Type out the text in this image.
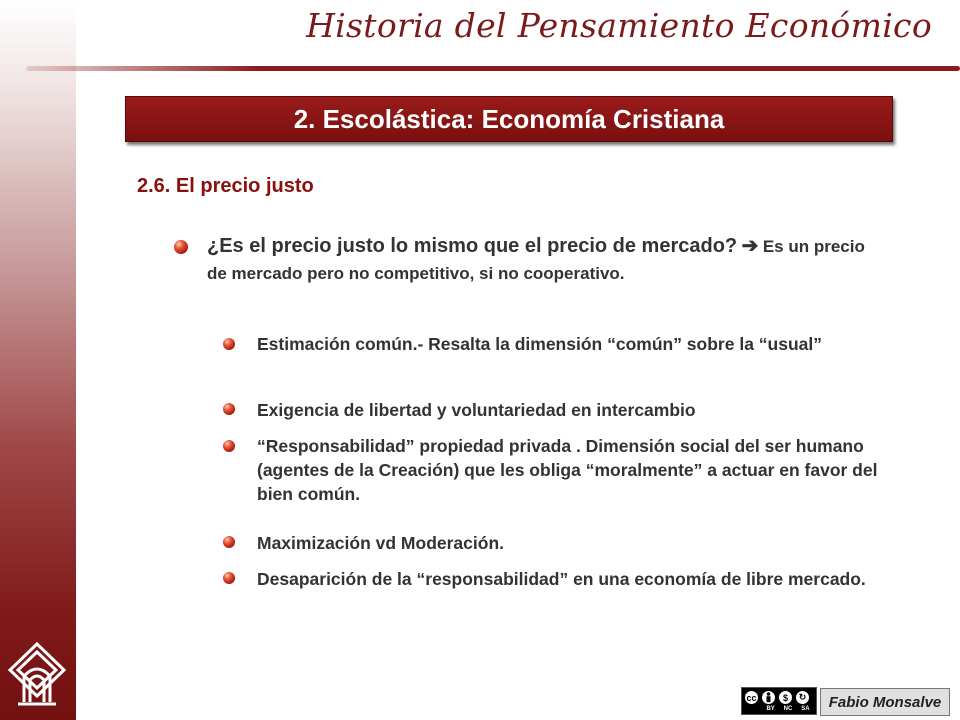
Historia del Pensamiento Económico
2. Escolástica: Economía Cristiana
2.6. El precio justo
¿Es el precio justo lo mismo que el precio de mercado? ➔ Es un precio de mercado pero no competitivo, si no cooperativo.
Estimación común.- Resalta la dimensión “común” sobre la “usual”
Exigencia de libertad y voluntariedad en intercambio
“Responsabilidad” propiedad privada . Dimensión social del ser humano (agentes de la Creación) que les obliga “moralmente” a actuar en favor del bien común.
Maximización vd Moderación.
Desaparición de la “responsabilidad” en una economía de libre mercado.
cc	$	↻
BY NC SA	Fabio Monsalve
